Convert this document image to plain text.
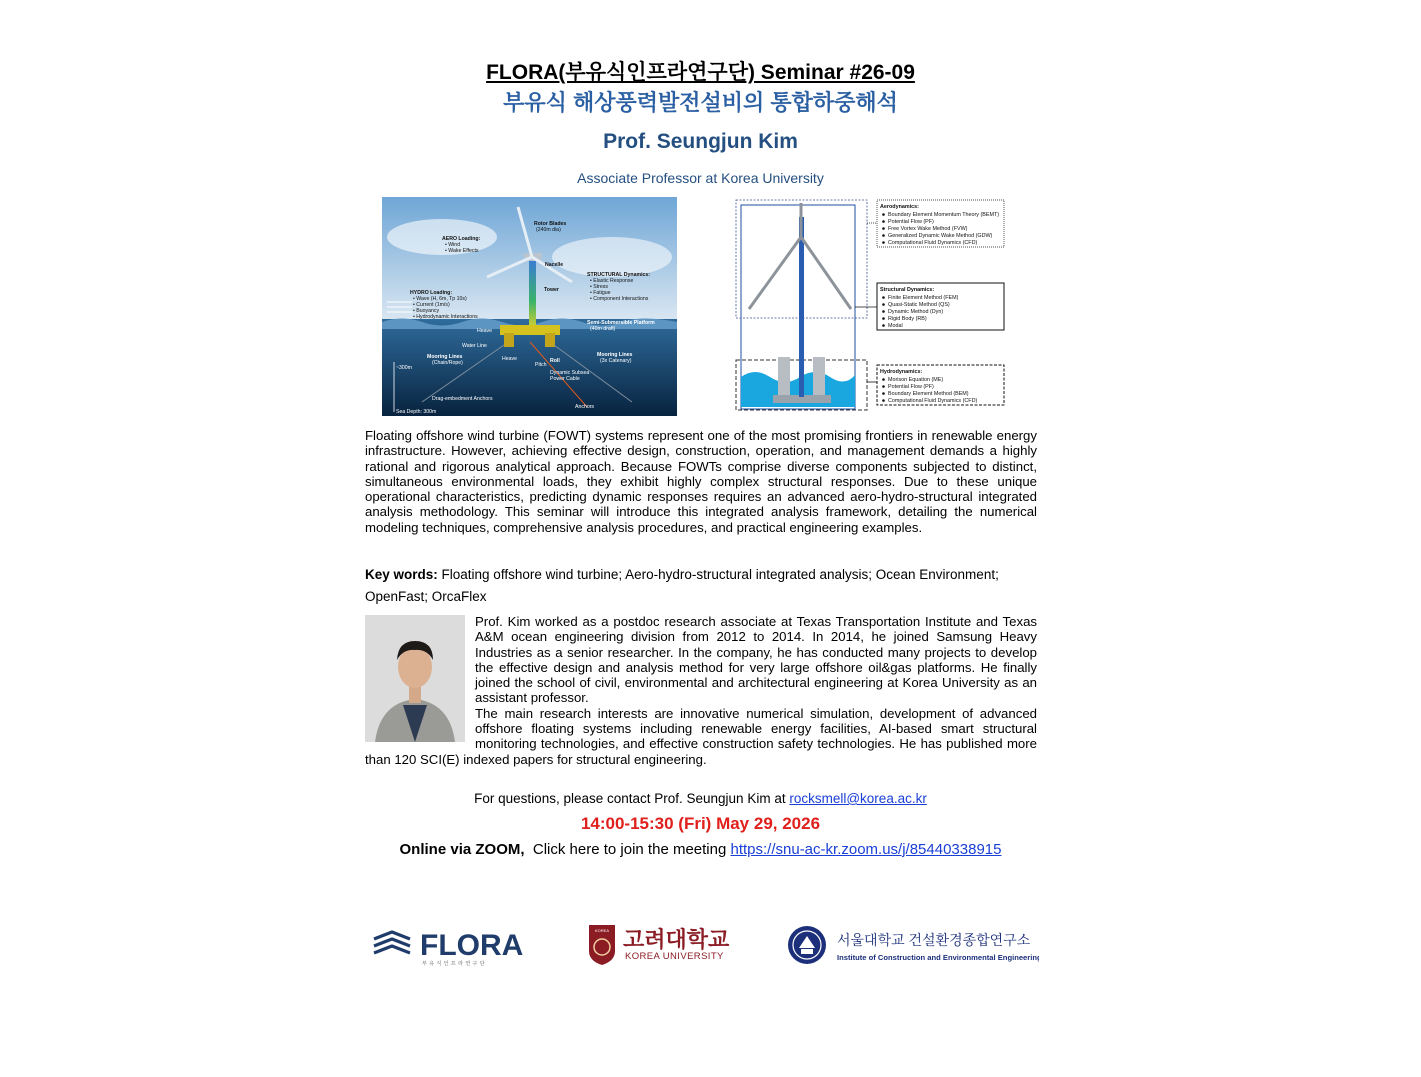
FLORA(부유식인프라연구단) Seminar #26-09
부유식 해상풍력발전설비의 통합하중해석
Prof. Seungjun Kim
Associate Professor at Korea University
Rotor Blades
(240m dia)
AERO Loading:
• Wind
• Wake Effects
Nacelle
Tower
STRUCTURAL Dynamics:
• Elastic Response
• Stress
• Fatigue
• Component Interactions
HYDRO Loading:
• Wave (H, 6m, Tp 10s)
• Current (1m/s)
• Buoyancy
• Hydrodynamic Interactions
Semi-Submersible Platform
(40m draft)
Heave
Water Line
Mooring Lines
(Chain/Rope)
Heave	Roll
Pitch
Mooring Lines
(3x Catenary)
Dynamic Subsea
Power Cable
~300m
Drag-embedment Anchors
Anchors
Sea Depth: 300m
Aerodynamics:
Boundary Element Momentum Theory (BEMT)
Potential Flow (PF)
Free Vortex Wake Method (FVW)
Generalized Dynamic Wake Method (GDW)
Computational Fluid Dynamics (CFD)
Structural Dynamics:
Finite Element Method (FEM)
Quasi-Static Method (QS)
Dynamic Method (Dyn)
Rigid Body (RB)
Modal
Hydrodynamics:
Morison Equation (ME)
Potential Flow (PF)
Boundary Element Method (BEM)
Computational Fluid Dynamics (CFD)
Floating offshore wind turbine (FOWT) systems represent one of the most promising frontiers in renewable energy infrastructure. However, achieving effective design, construction, operation, and management demands a highly rational and rigorous analytical approach. Because FOWTs comprise diverse components subjected to distinct, simultaneous environmental loads, they exhibit highly complex structural responses. Due to these unique operational characteristics, predicting dynamic responses requires an advanced aero-hydro-structural integrated analysis methodology. This seminar will introduce this integrated analysis framework, detailing the numerical modeling techniques, comprehensive analysis procedures, and practical engineering examples.
Key words: Floating offshore wind turbine; Aero-hydro-structural integrated analysis; Ocean Environment; OpenFast; OrcaFlex
Prof. Kim worked as a postdoc research associate at Texas Transportation Institute and Texas A&M ocean engineering division from 2012 to 2014. In 2014, he joined Samsung Heavy Industries as a senior researcher. In the company, he has conducted many projects to develop the effective design and analysis method for very large offshore oil&gas platforms. He finally joined the school of civil, environmental and architectural engineering at Korea University as an assistant professor.
The main research interests are innovative numerical simulation, development of advanced offshore floating systems including renewable energy facilities, AI-based smart structural monitoring technologies, and effective construction safety technologies. He has published more than 120 SCI(E) indexed papers for structural engineering.
For questions, please contact Prof. Seungjun Kim at rocksmell@korea.ac.kr
14:00-15:30 (Fri) May 29, 2026
Online via ZOOM,  Click here to join the meeting https://snu-ac-kr.zoom.us/j/85440338915
FLORA
부 유 식 인 프 라 연 구 단
KOREA 고려대학교
KOREA UNIVERSITY
서울대학교 건설환경종합연구소
Institute of Construction and Environmental Engineering
